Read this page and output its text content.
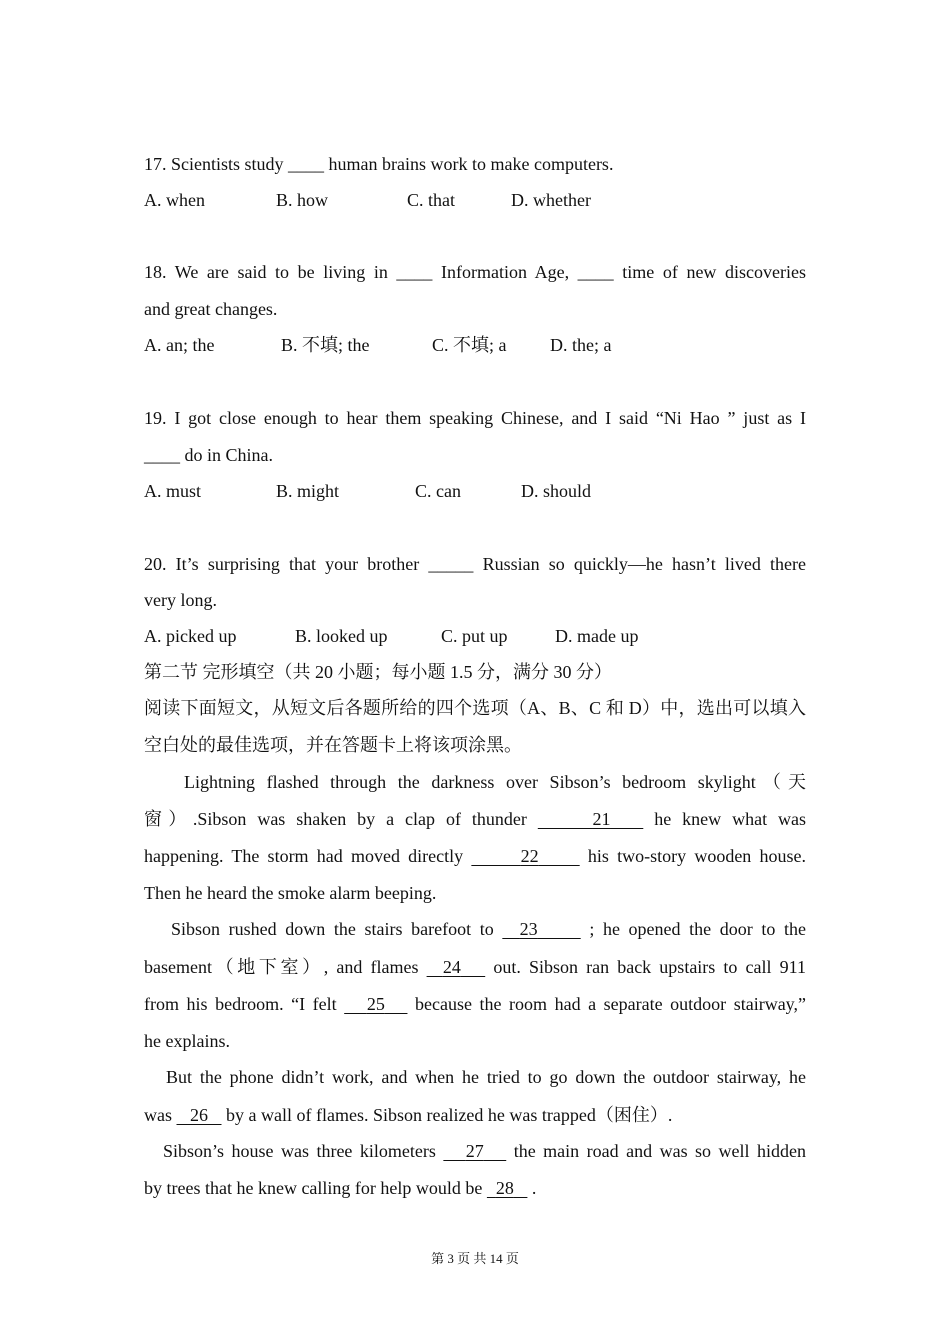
17. Scientists study ____ human brains work to make computers.
A. when	B. how	C. that	D. whether
18. We are said to be living in ____ Information Age, ____ time of new discoveries
and great changes.
A. an; the	B. 不填; the	C. 不填; a D. the; a
19. I got close enough to hear them speaking Chinese, and I said “Ni Hao ” just as I
____ do in China.
A. must	B. might	C. can	D. should
20. It’s surprising that your brother _____ Russian so quickly—he hasn’t lived there
very long.
A. picked up	B. looked up	C. put up	D. made up
第二节 完形填空（共 20 小题；每小题 1.5 分，满分 30 分）
阅读下面短文，从短文后各题所给的四个选项（A、B、C 和 D）中，选出可以填入
空白处的最佳选项，并在答题卡上将该项涂黑。
Lightning flashed through the darkness over Sibson’s bedroom skylight（天
窗）.Sibson was shaken by a clap of thunder	21    he knew what was
happening. The storm had moved directly	22      his two-story wooden house.
Then he heard the smoke alarm beeping.
Sibson rushed down the stairs barefoot to   23      ; he opened the door to the
basement（地下室）, and flames   24    out. Sibson ran back upstairs to call 911
from his bedroom. “I felt    25    because the room had a separate outdoor stairway,”
he explains.
But the phone didn’t work, and when he tried to go down the outdoor stairway, he
was    26    by a wall of flames. Sibson realized he was trapped（困住）.
Sibson’s house was three kilometers    27    the main road and was so well hidden
by trees that he knew calling for help would be   28    .
第 3 页 共 14 页
